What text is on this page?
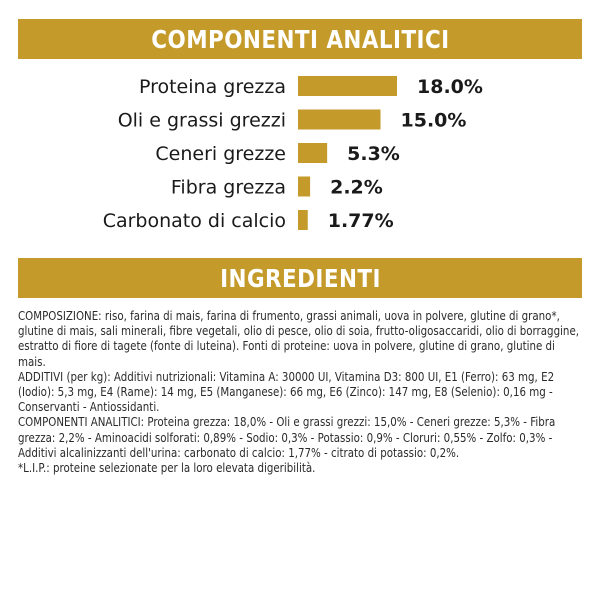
COMPONENTI ANALITICI
Proteina grezza	18.0%
Oli e grassi grezzi	15.0%
Ceneri grezze	5.3%
Fibra grezza 2.2%
Carbonato di calcio 1.77%
INGREDIENTI

COMPOSIZIONE: riso, farina di mais, farina di frumento, grassi animali, uova in polvere, glutine di grano*, glutine di mais, sali minerali, fibre vegetali, olio di pesce, olio di soia, frutto-oligosaccaridi, olio di borraggine, estratto di fiore di tagete (fonte di luteina). Fonti di proteine: uova in polvere, glutine di grano, glutine di mais.

ADDITIVI (per kg): Additivi nutrizionali: Vitamina A: 30000 UI, Vitamina D3: 800 UI, E1 (Ferro): 63 mg, E2 (Iodio): 5,3 mg, E4 (Rame): 14 mg, E5 (Manganese): 66 mg, E6 (Zinco): 147 mg, E8 (Selenio): 0,16 mg - Conservanti - Antiossidanti.

COMPONENTI ANALITICI: Proteina grezza: 18,0% - Oli e grassi grezzi: 15,0% - Ceneri grezze: 5,3% - Fibra grezza: 2,2% - Aminoacidi solforati: 0,89% - Sodio: 0,3% - Potassio: 0,9% - Cloruri: 0,55% - Zolfo: 0,3% - Additivi alcalinizzanti dell'urina: carbonato di calcio: 1,77% - citrato di potassio: 0,2%.

*L.I.P.: proteine selezionate per la loro elevata digeribilità.
